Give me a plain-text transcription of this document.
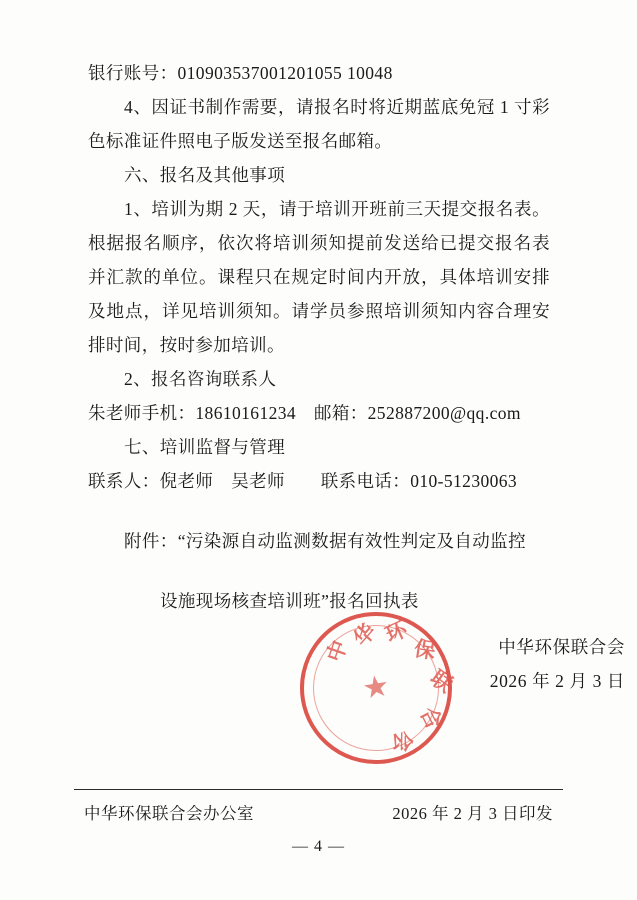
银行账号：010903537001201055 10048

4、因证书制作需要，请报名时将近期蓝底免冠 1 寸彩色标准证件照电子版发送至报名邮箱。

六、报名及其他事项

1、培训为期 2 天，请于培训开班前三天提交报名表。根据报名顺序，依次将培训须知提前发送给已提交报名表并汇款的单位。课程只在规定时间内开放，具体培训安排及地点，详见培训须知。请学员参照培训须知内容合理安排时间，按时参加培训。

2、报名咨询联系人

朱老师手机：18610161234　邮箱：252887200@qq.com

七、培训监督与管理

联系人：倪老师　吴老师　　联系电话：010-51230063

附件：“污染源自动监测数据有效性判定及自动监控
设施现场核查培训班”报名回执表
★
中
华 环
保
联
合
会
中华环保联合会
2026 年 2 月 3 日
中华环保联合会办公室	2026 年 2 月 3 日印发
— 4 —
